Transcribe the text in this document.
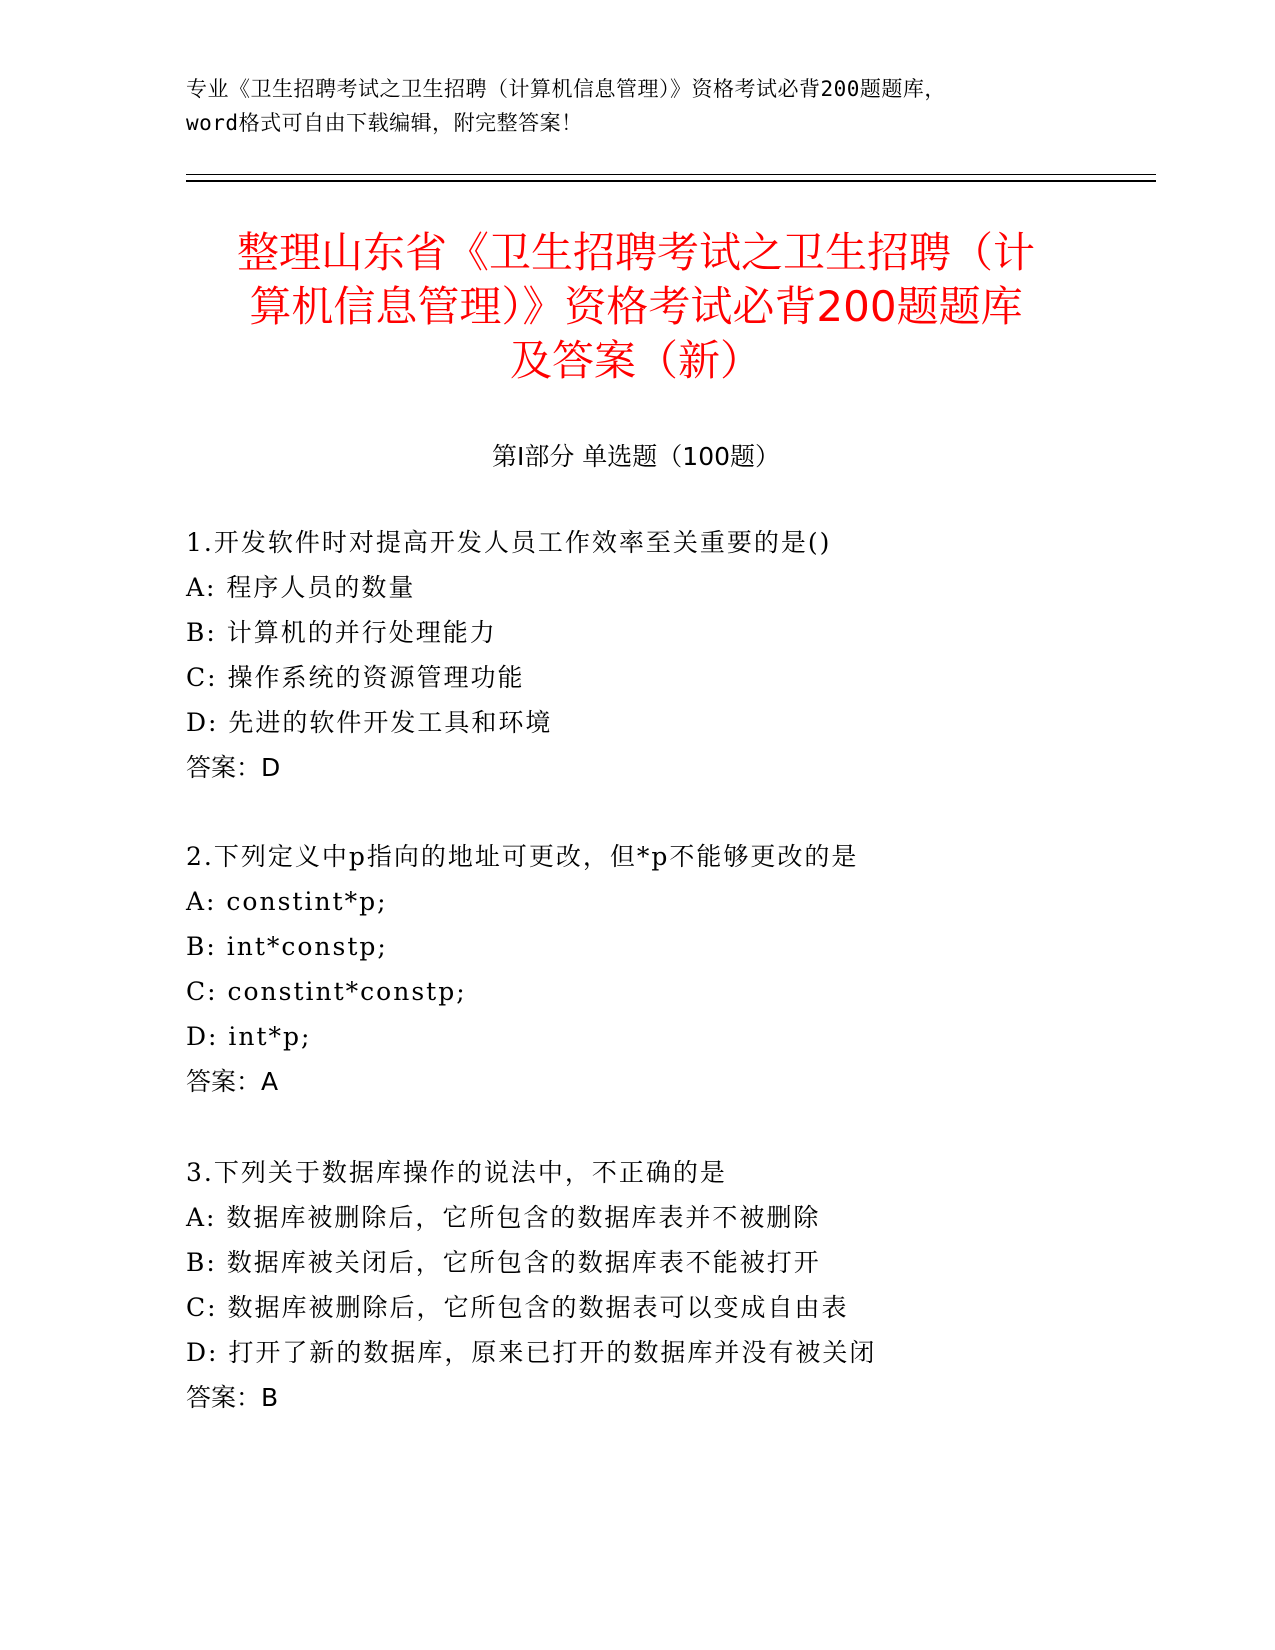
专业《卫生招聘考试之卫生招聘（计算机信息管理）》资格考试必背200题题库，
word格式可自由下载编辑，附完整答案！
整理山东省《卫生招聘考试之卫生招聘（计
算机信息管理）》资格考试必背200题题库
及答案（新）
第I部分 单选题（100题）
1.开发软件时对提高开发人员工作效率至关重要的是()
A: 程序人员的数量
B: 计算机的并行处理能力
C: 操作系统的资源管理功能
D: 先进的软件开发工具和环境
答案：D
2.下列定义中p指向的地址可更改，但*p不能够更改的是
A: constint*p;
B: int*constp;
C: constint*constp;
D: int*p;
答案：A
3.下列关于数据库操作的说法中，不正确的是
A: 数据库被删除后，它所包含的数据库表并不被删除
B: 数据库被关闭后，它所包含的数据库表不能被打开
C: 数据库被删除后，它所包含的数据表可以变成自由表
D: 打开了新的数据库，原来已打开的数据库并没有被关闭
答案：B
